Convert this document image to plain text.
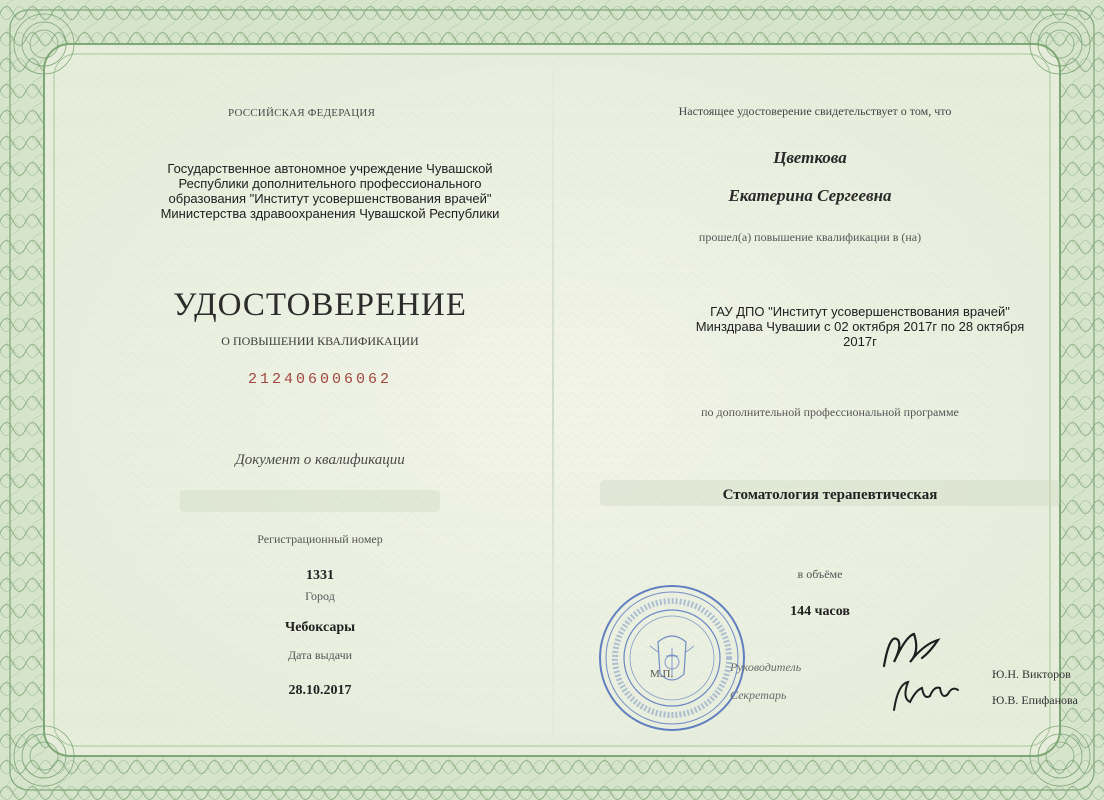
РОССИЙСКАЯ ФЕДЕРАЦИЯ
Государственное автономное учреждение Чувашской
Республики дополнительного профессионального
образования "Институт усовершенствования врачей"
Министерства здравоохранения Чувашской Республики
УДОСТОВЕРЕНИЕ
О ПОВЫШЕНИИ КВАЛИФИКАЦИИ
212406006062
Документ о квалификации
Регистрационный номер
1331
Город
Чебоксары
Дата выдачи
28.10.2017
Настоящее удостоверение свидетельствует о том, что
Цветкова
Екатерина Сергеевна
прошел(а) повышение квалификации в (на)
ГАУ ДПО "Институт усовершенствования врачей"
Минздрава Чувашии с 02 октября 2017г по 28 октября
2017г
по дополнительной профессиональной программе
Стоматология терапевтическая
в объёме
144 часов
М.П.	Руководитель	Ю.Н. Викторов
Секретарь	Ю.В. Епифанова
